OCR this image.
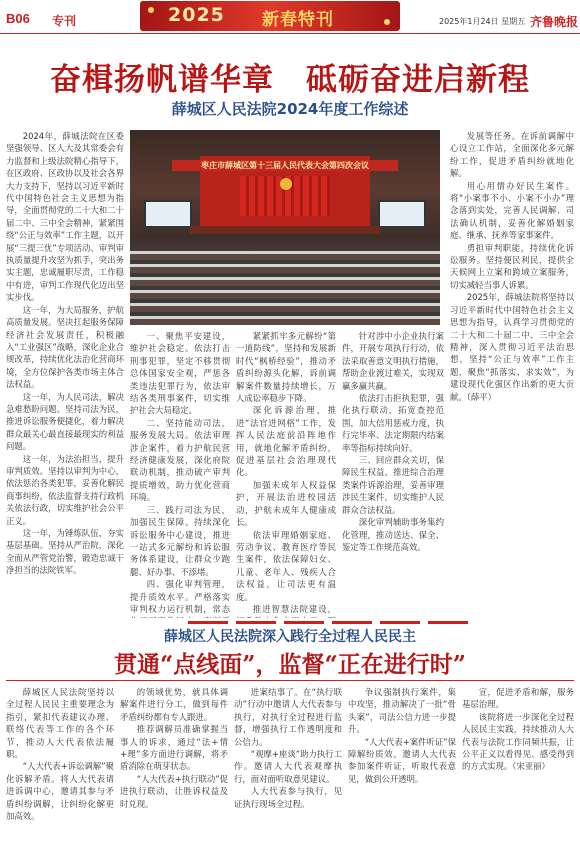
B06 专刊	2025 新春特刊	2025年1月24日 星期五 齐鲁晚报
奋楫扬帆谱华章　砥砺奋进启新程
薛城区人民法院2024年度工作综述
枣庄市薛城区第十三届人民代表大会第四次会议

2024年，薛城法院在区委坚强领导、区人大及其常委会有力监督和上级法院精心指导下，在区政府、区政协以及社会各界大力支持下，坚持以习近平新时代中国特色社会主义思想为指导，全面贯彻党的二十大和二十届二中、三中全会精神，紧紧围绕“公正与效率”工作主题，以开展“三提三优”专项活动、审判审执质量提升攻坚为抓手，突出务实主题，忠诚履职尽责，工作稳中有进，审判工作现代化迈出坚实步伐。

这一年，为大局服务，护航高质量发展。坚决扛起服务保障经济社会发展责任，积极融入“工业强区”战略，深化企业合规改革，持续优化法治化营商环境，全方位保护各类市场主体合法权益。

这一年，为人民司法，解决急难愁盼问题。坚持司法为民，推进诉讼服务便捷化，着力解决群众最关心最直接最现实的利益问题。

这一年，为法治担当，提升审判质效。坚持以审判为中心，依法惩治各类犯罪，妥善化解民商事纠纷，依法监督支持行政机关依法行政，切实维护社会公平正义。

这一年，为锤炼队伍，夯实基层基础。坚持从严治院，深化全面从严管党治警，锻造忠诚干净担当的法院铁军。

一、聚焦平安建设，维护社会稳定。依法打击刑事犯罪，坚定不移贯彻总体国家安全观，严惩各类违法犯罪行为，依法审结各类刑事案件，切实维护社会大局稳定。

二、坚持能动司法，服务发展大局。依法审理涉企案件，着力护航民营经济健康发展，深化府院联动机制，推动破产审判提质增效，助力优化营商环境。

三、践行司法为民，加强民生保障。持续深化诉讼服务中心建设，推进一站式多元解纷和诉讼服务体系建设，让群众少跑腿、好办事、不添堵。

四、强化审判管理，提升质效水平。严格落实审判权力运行机制，常态

紧紧抓牢多元解纷“第一道防线”，坚持和发展新时代“枫桥经验”，推动矛盾纠纷源头化解，诉前调解案件数量持续增长，万人成讼率稳步下降。

深化诉源治理，推进“法官进网格”工作，发挥人民法庭前沿阵地作用，就地化解矛盾纠纷，促进基层社会治理现代化。

加强未成年人权益保护，开展法治进校园活动，护航未成年人健康成长。

依法审理婚姻家庭、劳动争议、教育医疗等民生案件，依法保障妇女、儿童、老年人、残疾人合法权益，让司法更有温度。

推进智慧法院建设，

针对涉中小企业执行案件，开展专项执行行动，依法采取善意文明执行措施，帮助企业渡过难关，实现双赢多赢共赢。

依法打击拒执犯罪，强化执行联动，拓宽查控范围，加大信用惩戒力度，执行完毕率、法定期限内结案率等指标持续向好。

三、回应群众关切，保障民生权益。推进综合治理类案件诉源治理，妥善审理涉民生案件，切实维护人民群众合法权益。

深化审判辅助事务集约化管理，推动送达、保全、鉴定等工作规范高效。

发展等任务。在诉前调解中心设立工作站，全面深化多元解纷工作，促进矛盾纠纷就地化解。

用心用情办好民生案件。将“小案事不小、小案不小办”理念落到实处，完善人民调解、司法确认机制，妥善化解婚姻家庭、继承、抚养等家事案件。

勇担审判职能，持续优化诉讼服务。坚持便民利民，提供全天候网上立案和跨域立案服务，切实减轻当事人诉累。

2025年，薛城法院将坚持以习近平新时代中国特色社会主义思想为指导，认真学习贯彻党的二十大和二十届二中、三中全会精神，深入贯彻习近平法治思想，坚持“公正与效率”工作主题，聚焦“抓落实、求实效”，为建设现代化强区作出新的更大贡献。（薛平）

薛城区人民法院深入践行全过程人民民主
贯通“点线面”，监督“正在进行时”

薛城区人民法院坚持以全过程人民民主重要理念为指引，紧扣代表建议办理、联络代表等工作的各个环节，推动人大代表依法履职。

“人大代表+诉讼调解”聚化诉解矛盾。将人大代表请进诉调中心，邀请其参与矛盾纠纷调解，让纠纷化解更加高效。

的领域优势，就具体调解案件进行分工，做到每件矛盾纠纷都有专人跟进。

推荐调解员准确掌握当事人的诉求，通过“法+情+理”多方面进行调解，将矛盾消除在萌芽状态。

“人大代表+执行联动”促进执行联动，让胜诉权益及时兑现。

进案结事了。在“执行联动”行动中邀请人大代表参与执行，对执行全过程进行监督，增强执行工作透明度和公信力。

“观摩+座谈”助力执行工作。邀请人大代表观摩执行，面对面听取意见建议。

人大代表参与执行，见证执行现场全过程。

争议强制执行案件，集中攻坚，推动解决了一批“骨头案”，司法公信力进一步提升。

“人大代表+案件听证”保障解纷质效。邀请人大代表参加案件听证，听取代表意见，做到公开透明。

宣，促进矛盾和解，服务基层治理。

该院将进一步深化全过程人民民主实践，持续推动人大代表与法院工作同频共振，让公平正义以看得见、感受得到的方式实现。（宋亚丽）
